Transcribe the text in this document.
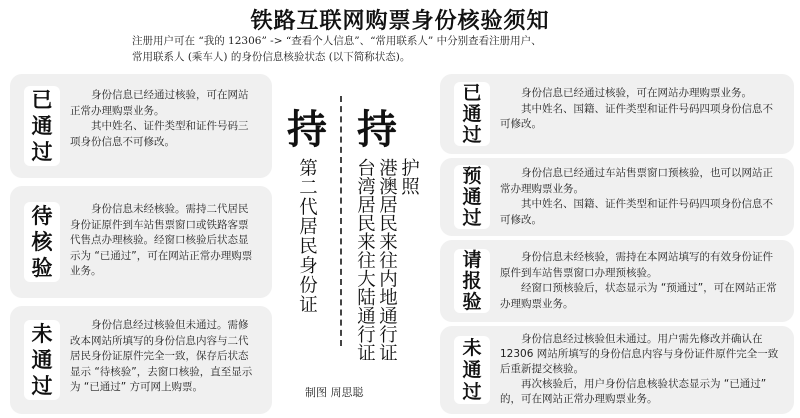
铁路互联网购票身份核验须知
注册用户可在 “我的 12306” -> “查看个人信息”、“常用联系人” 中分别查看注册用户、
常用联系人 (乘车人) 的身份信息核验状态 (以下简称状态)。
已
通
过

身份信息已经通过核验，可在网站正常办理购票业务。

其中姓名、证件类型和证件号码三项身份信息不可修改。

待
核
验

身份信息未经核验。需持二代居民身份证原件到车站售票窗口或铁路客票代售点办理核验。经窗口核验后状态显示为 “已通过”，可在网站正常办理购票业务。

未
通
过

身份信息经过核验但未通过。需修改本网站所填写的身份信息内容与二代居民身份证原件完全一致，保存后状态显示 “待核验”，去窗口核验，直至显示为 “已通过” 方可网上购票。

持
第二代居民身份证
持
护照
港澳居民来往内地通行证
台湾居民来往大陆通行证
制图 周思聪
已
通
过

身份信息已经通过核验，可在网站办理购票业务。

其中姓名、国籍、证件类型和证件号码四项身份信息不可修改。

预
通
过

身份信息已经通过车站售票窗口预核验，也可以网站正常办理购票业务。

其中姓名、国籍、证件类型和证件号码四项身份信息不可修改。

请
报
验

身份信息未经核验，需持在本网站填写的有效身份证件原件到车站售票窗口办理预核验。

经窗口预核验后，状态显示为 “预通过”，可在网站正常办理购票业务。

未
通
过

身份信息经过核验但未通过。用户需先修改并确认在 12306 网站所填写的身份信息内容与身份证件原件完全一致后重新提交核验。

再次核验后，用户身份信息核验状态显示为 “已通过” 的，可在网站正常办理购票业务。
